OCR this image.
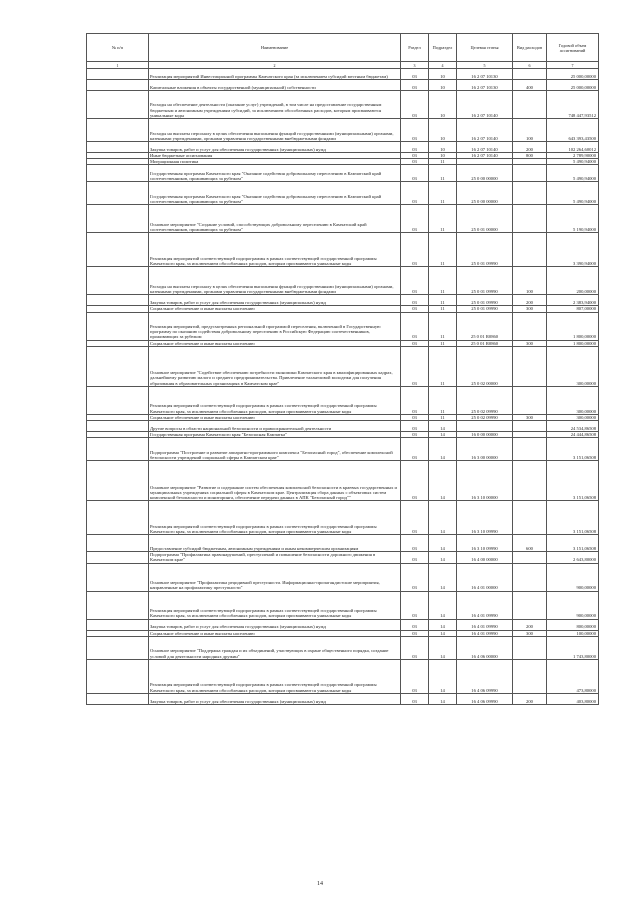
№ п/п	Наименование	Раздел	Подраздел	Целевая статья	Вид расходов	Годовой объем ассигнований
1	2	3	4	5	6	7
	Реализация мероприятий Инвестиционной программы Камчатского края (за исключением субсидий местным бюджетам)	03	10	16 2 07 10130		25 000,00000
	Капитальные вложения в объекты государственной (муниципальной) собственности	03	10	16 2 07 10130	400	25 000,00000
	Расходы на обеспечение деятельности (оказание услуг) учреждений, в том числе на предоставление государственным бюджетным и автономным учреждениям субсидий, за исключением обособленных расходов, которым присваиваются уникальные коды	03	10	16 2 07 10140		748 447,93512
	Расходы на выплаты персоналу в целях обеспечения выполнения функций государственными (муниципальными) органами, казенными учреждениями, органами управления государственными внебюджетными фондами	03	10	16 2 07 10140	100	643 393,43500
	Закупка товаров, работ и услуг для обеспечения государственных (муниципальных) нужд	03	10	16 2 07 10140	200	102 264,60012
	Иные бюджетные ассигнования	03	10	16 2 07 10140	800	2 789,90000
	Миграционная политика	03	11			5 490,94000
	Государственная программа Камчатского края "Оказание содействия добровольному переселению в Камчатский край соотечественников, проживающих за рубежом"	03	11	25 0 00 00000		5 490,94000
	Государственная программа Камчатского края "Оказание содействия добровольному переселению в Камчатский край соотечественников, проживающих за рубежом"	03	11	25 0 00 00000		5 490,94000
	Основное мероприятие "Создание условий, способствующих добровольному переселению в Камчатский край соотечественников, проживающих за рубежом"	03	11	25 0 01 00000		5 190,94000
	Реализация мероприятий соответствующей подпрограммы в рамках соответствующей государственной программы Камчатского края, за исключением обособленных расходов, которым присваиваются уникальные коды	03	11	25 0 01 09990		3 390,94000
	Расходы на выплаты персоналу в целях обеспечения выполнения функций государственными (муниципальными) органами, казенными учреждениями, органами управления государственными внебюджетными фондами	03	11	25 0 01 09990	100	200,00000
	Закупка товаров, работ и услуг для обеспечения государственных (муниципальных) нужд	03	11	25 0 01 09990	200	2 383,94000
	Социальное обеспечение и иные выплаты населению	03	11	25 0 01 09990	300	807,00000
	Реализация мероприятий, предусмотренных региональной программой переселения, включенной в Государственную программу по оказанию содействия добровольному переселению в Российскую Федерацию соотечественников, проживающих за рубежом	03	11	25 0 01 R0860		1 800,00000
	Социальное обеспечение и иные выплаты населению	03	11	25 0 01 R0860	300	1 800,00000
	Основное мероприятие "Содействие обеспечению потребности экономики Камчатского края в квалифицированных кадрах, дальнейшему развитию малого и среднего предпринимательства. Привлечение талантливой молодежи для получения образования в образовательных организациях в Камчатском крае"	03	11	25 0 02 00000		300,00000
	Реализация мероприятий соответствующей подпрограммы в рамках соответствующей государственной программы Камчатского края, за исключением обособленных расходов, которым присваиваются уникальные коды	03	11	25 0 02 09990		300,00000
	Социальное обеспечение и иные выплаты населению	03	11	25 0 02 09990	300	300,00000
	Другие вопросы в области национальной безопасности и правоохранительной деятельности	03	14			24 534,86508
	Государственная программа Камчатского края "Безопасная Камчатка"	03	14	16 0 00 00000		24 444,86508
	Подпрограмма "Построение и развитие аппаратно-программного комплекса "Безопасный город", обеспечение комплексной безопасности учреждений социальной сферы в Камчатском крае"	03	14	16 3 00 00000		3 151,06508
	Основное мероприятие "Развитие и содержание систем обеспечения комплексной безопасности в краевых государственных и муниципальных учреждениях социальной сферы в Камчатском крае. Централизация сбора данных с объектовых систем комплексной безопасности и мониторинга, обеспечение передачи данных в АПК "Безопасный город""	03	14	16 3 10 00000		3 151,06508
	Реализация мероприятий соответствующей подпрограммы в рамках соответствующей государственной программы Камчатского края, за исключением обособленных расходов, которым присваиваются уникальные коды	03	14	16 3 10 09990		3 151,06508
	Предоставление субсидий бюджетным, автономным учреждениям и иным некоммерческим организациям	03	14	16 3 10 09990	600	3 151,06508
	Подпрограмма "Профилактика правонарушений, преступлений и повышение безопасности дорожного движения в Камчатском крае"	03	14	16 4 00 00000		2 643,80000
	Основное мероприятие "Профилактика рецидивной преступности. Информационно-пропагандистские мероприятия, направленные на профилактику преступности"	03	14	16 4 01 00000		900,00000
	Реализация мероприятий соответствующей подпрограммы в рамках соответствующей государственной программы Камчатского края, за исключением обособленных расходов, которым присваиваются уникальные коды	03	14	16 4 01 09990		900,00000
	Закупка товаров, работ и услуг для обеспечения государственных (муниципальных) нужд	03	14	16 4 01 09990	200	800,00000
	Социальное обеспечение и иные выплаты населению	03	14	16 4 01 09990	300	100,00000
	Основное мероприятие "Поддержка граждан и их объединений, участвующих в охране общественного порядка, создание условий для деятельности народных дружин"	03	14	16 4 06 00000		1 743,80000
	Реализация мероприятий соответствующей подпрограммы в рамках соответствующей государственной программы Камчатского края, за исключением обособленных расходов, которым присваиваются уникальные коды	03	14	16 4 06 09990		473,80000
	Закупка товаров, работ и услуг для обеспечения государственных (муниципальных) нужд	03	14	16 4 06 09990	200	403,80000
14
